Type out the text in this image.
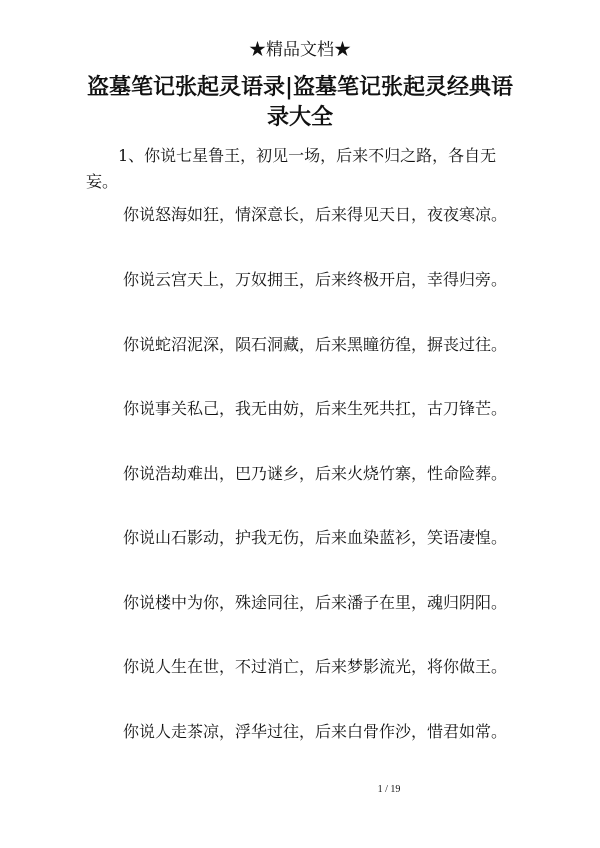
★精品文档★
盗墓笔记张起灵语录|盗墓笔记张起灵经典语录大全
1、你说七星鲁王，初见一场，后来不归之路，各自无妄。
你说怒海如狂，情深意长，后来得见天日，夜夜寒凉。
你说云宫天上，万奴拥王，后来终极开启，幸得归旁。
你说蛇沼泥深，陨石洞藏，后来黑瞳彷徨，摒丧过往。
你说事关私己，我无由妨，后来生死共扛，古刀锋芒。
你说浩劫难出，巴乃谜乡，后来火烧竹寨，性命险葬。
你说山石影动，护我无伤，后来血染蓝衫，笑语凄惶。
你说楼中为你，殊途同往，后来潘子在里，魂归阴阳。
你说人生在世，不过消亡，后来梦影流光，将你做王。
你说人走茶凉，浮华过往，后来白骨作沙，惜君如常。
1 / 19
